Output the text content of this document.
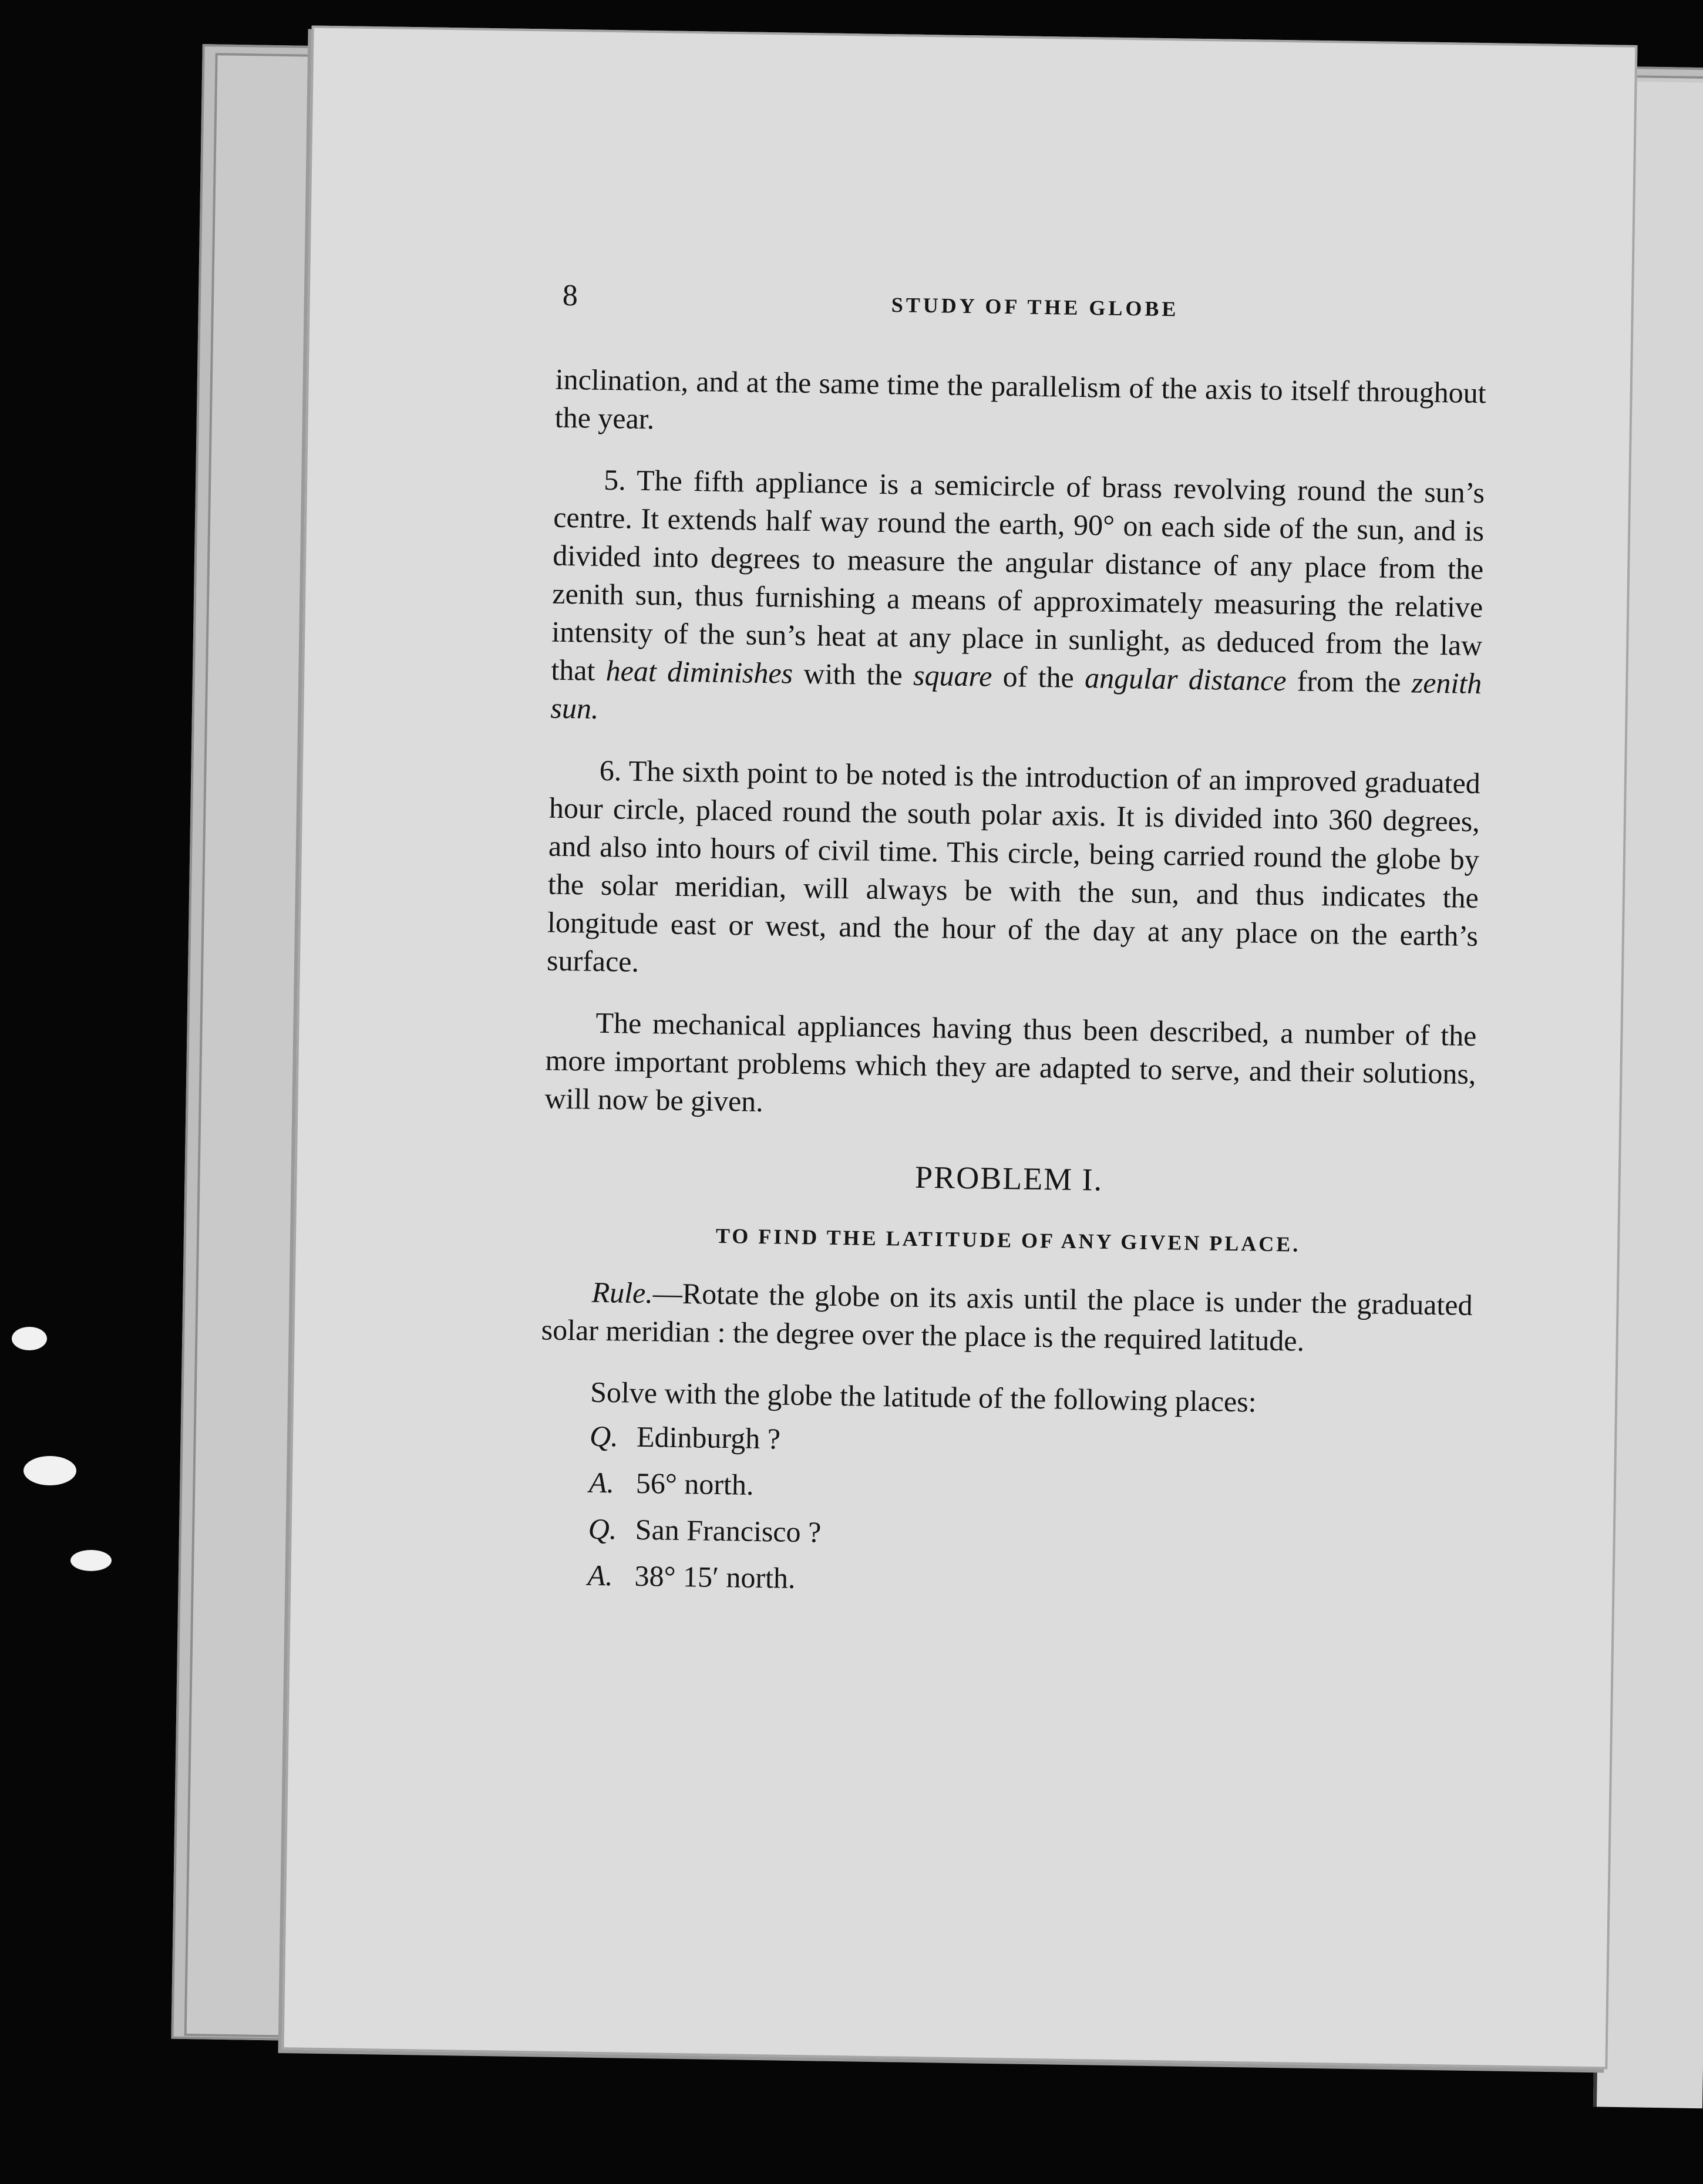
8	STUDY OF THE GLOBE

inclination, and at the same time the parallelism of the axis to itself throughout the year.

5. The fifth appliance is a semicircle of brass revolving round the sun’s centre. It extends half way round the earth, 90° on each side of the sun, and is divided into degrees to measure the angular distance of any place from the zenith sun, thus furnishing a means of approximately measuring the relative intensity of the sun’s heat at any place in sunlight, as deduced from the law that heat diminishes with the square of the angular distance from the zenith sun.

6. The sixth point to be noted is the introduction of an improved graduated hour circle, placed round the south polar axis. It is divided into 360 degrees, and also into hours of civil time. This circle, being carried round the globe by the solar meridian, will always be with the sun, and thus indicates the longitude east or west, and the hour of the day at any place on the earth’s surface.

The mechanical appliances having thus been described, a number of the more important problems which they are adapted to serve, and their solutions, will now be given.

PROBLEM I.
TO FIND THE LATITUDE OF ANY GIVEN PLACE.

Rule.—Rotate the globe on its axis until the place is under the graduated solar meridian : the degree over the place is the required latitude.

Solve with the globe the latitude of the following places:

Q. Edinburgh ?
A. 56° north.
Q. San Francisco ?
A. 38° 15′ north.
